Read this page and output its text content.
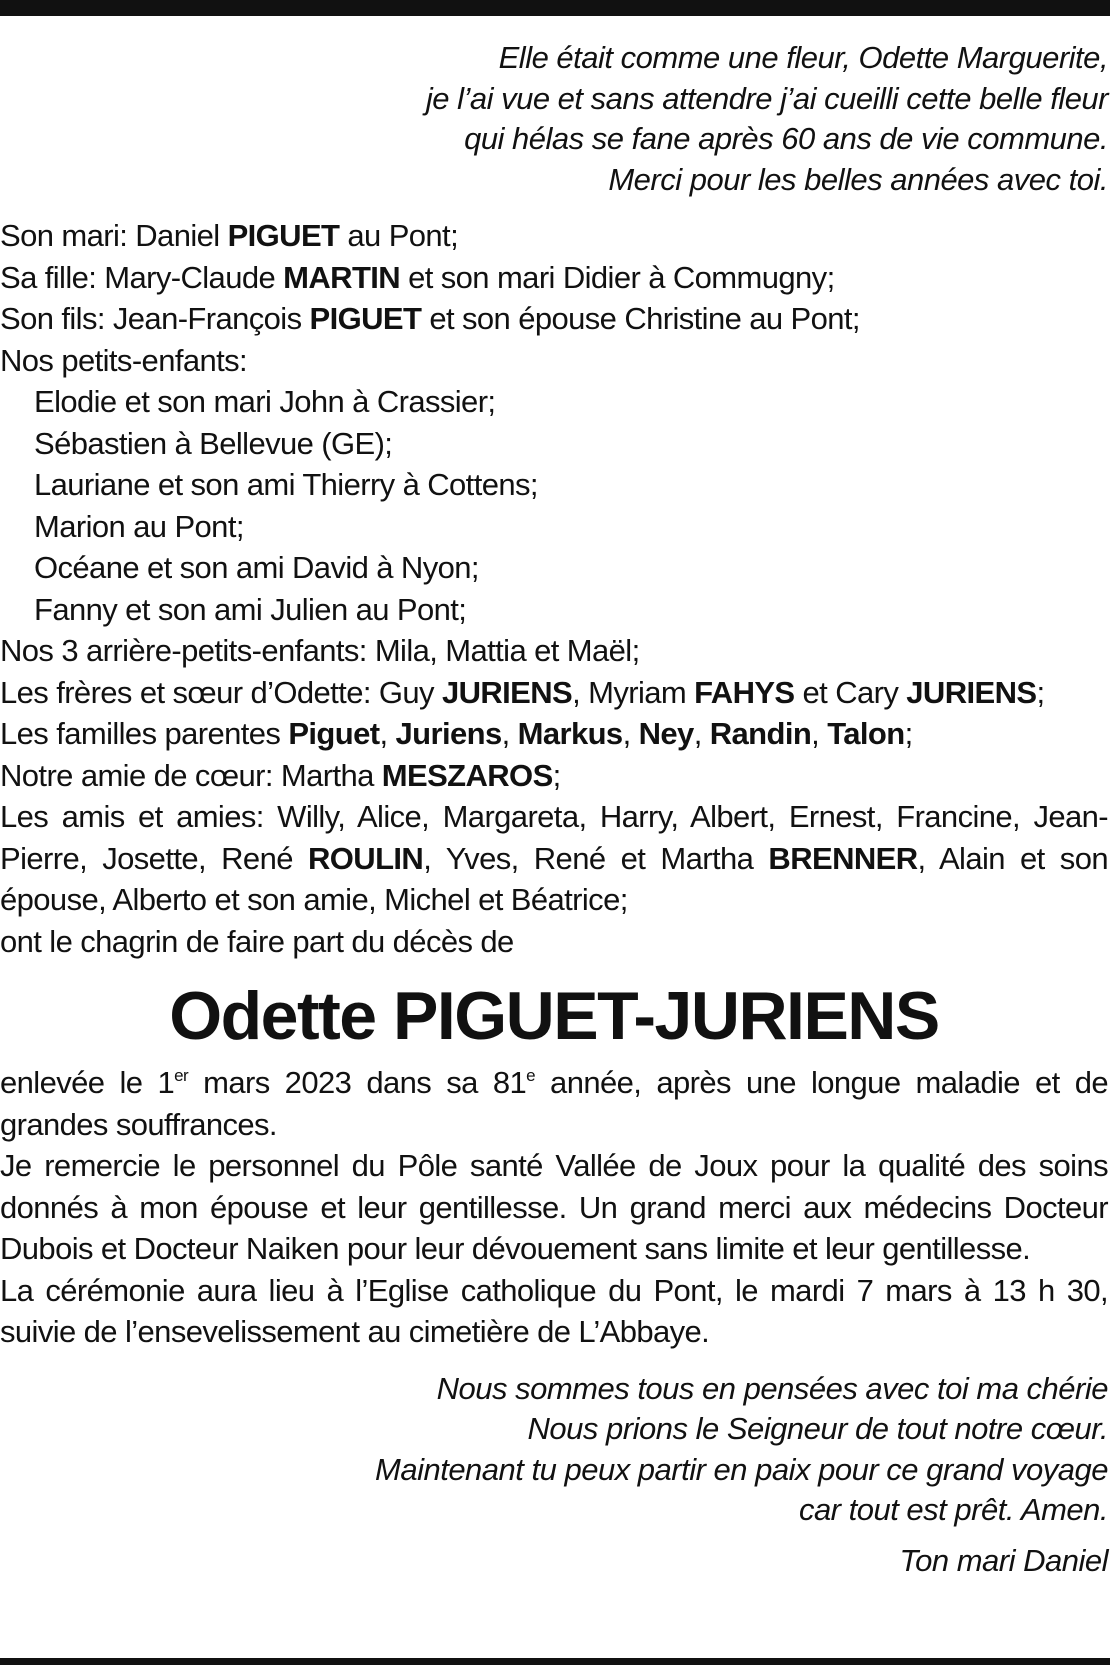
Elle était comme une fleur, Odette Marguerite,
je l’ai vue et sans attendre j’ai cueilli cette belle fleur
qui hélas se fane après 60 ans de vie commune.
Merci pour les belles années avec toi.
Son mari: Daniel PIGUET au Pont;
Sa fille: Mary-Claude MARTIN et son mari Didier à Commugny;
Son fils: Jean-François PIGUET et son épouse Christine au Pont;
Nos petits-enfants:
Elodie et son mari John à Crassier;
Sébastien à Bellevue (GE);
Lauriane et son ami Thierry à Cottens;
Marion au Pont;
Océane et son ami David à Nyon;
Fanny et son ami Julien au Pont;
Nos 3 arrière-petits-enfants: Mila, Mattia et Maël;
Les frères et sœur d’Odette: Guy JURIENS, Myriam FAHYS et Cary JURIENS;
Les familles parentes Piguet, Juriens, Markus, Ney, Randin, Talon;
Notre amie de cœur: Martha MESZAROS;
Les amis et amies: Willy, Alice, Margareta, Harry, Albert, Ernest, Francine, Jean-Pierre, Josette, René ROULIN, Yves, René et Martha BRENNER, Alain et son épouse, Alberto et son amie, Michel et Béatrice;
ont le chagrin de faire part du décès de
Odette PIGUET-JURIENS
enlevée le 1er mars 2023 dans sa 81e année, après une longue maladie et de grandes souffrances.
Je remercie le personnel du Pôle santé Vallée de Joux pour la qualité des soins donnés à mon épouse et leur gentillesse. Un grand merci aux médecins Docteur Dubois et Docteur Naiken pour leur dévouement sans limite et leur gentillesse.
La cérémonie aura lieu à l’Eglise catholique du Pont, le mardi 7 mars à 13 h 30, suivie de l’ensevelissement au cimetière de L’Abbaye.
Nous sommes tous en pensées avec toi ma chérie
Nous prions le Seigneur de tout notre cœur.
Maintenant tu peux partir en paix pour ce grand voyage
car tout est prêt. Amen.
Ton mari Daniel
